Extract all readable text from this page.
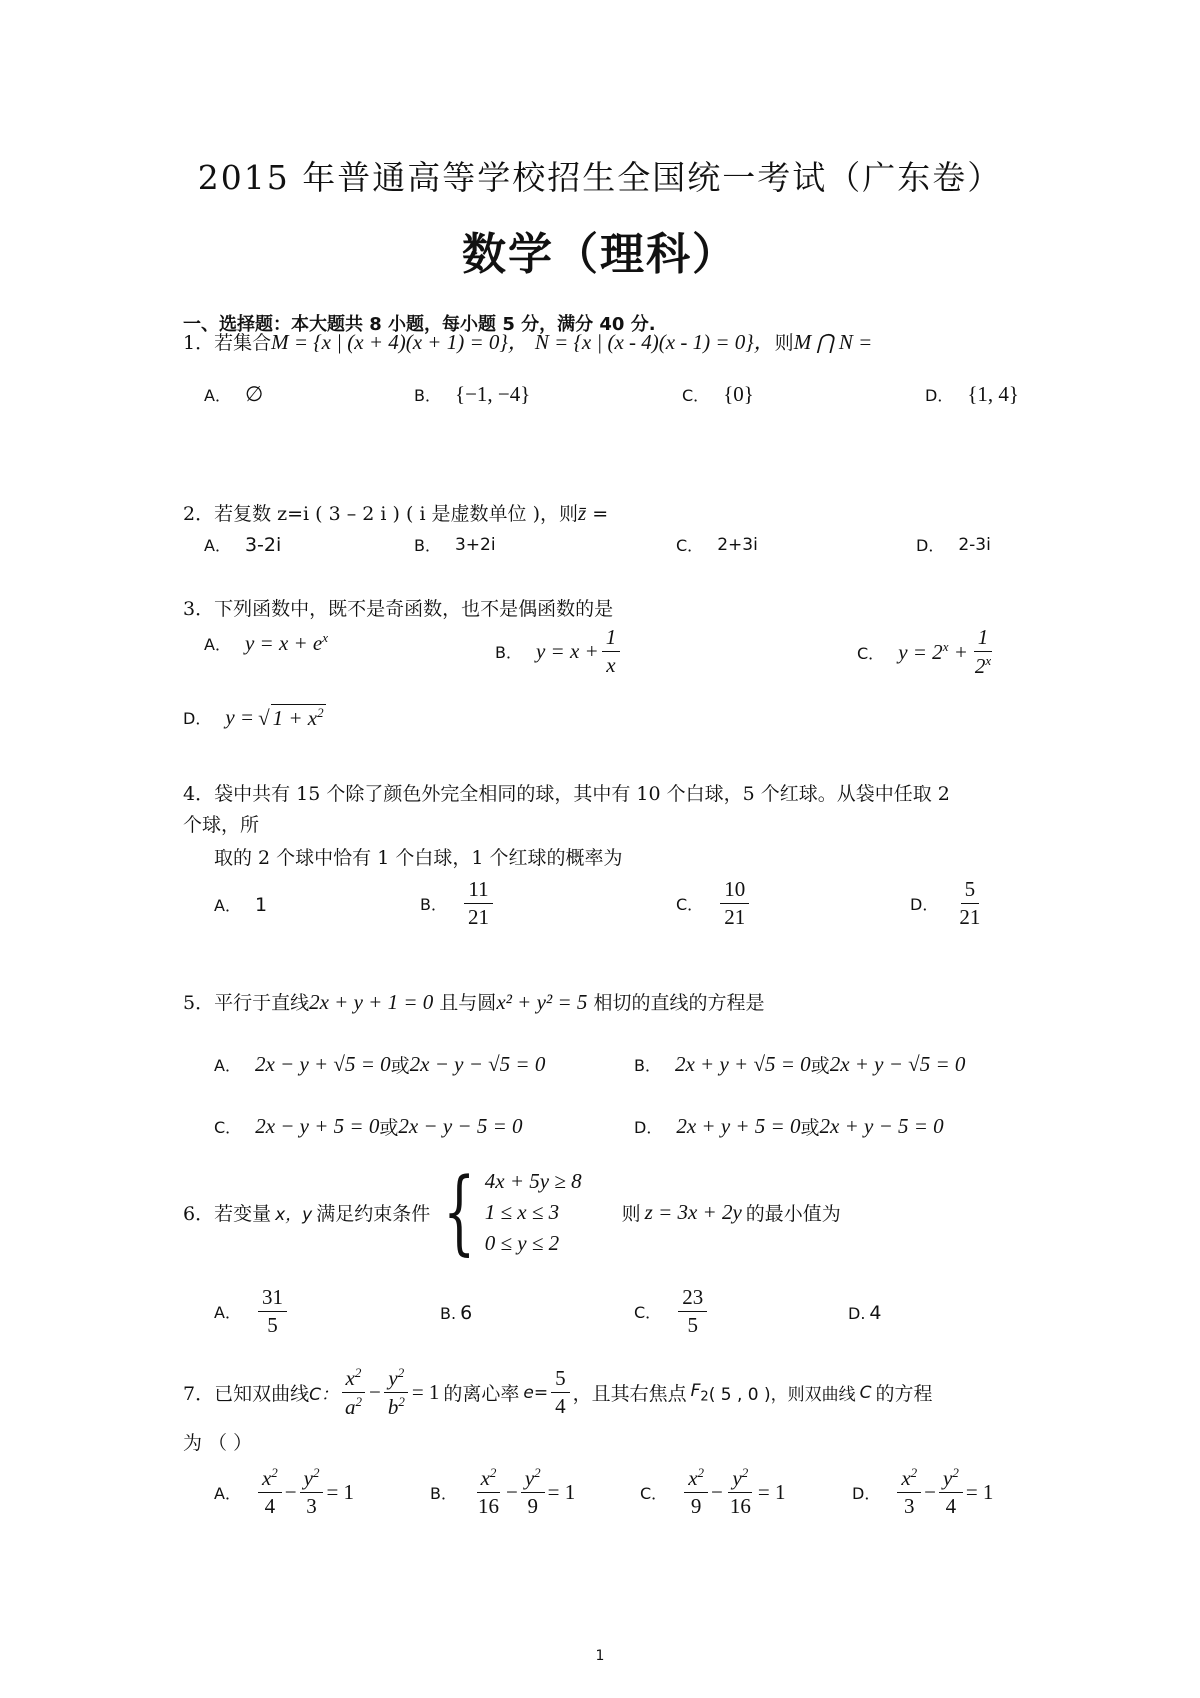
2015 年普通高等学校招生全国统一考试（广东卷）
数学（理科）
一、选择题：本大题共 8 小题，每小题 5 分，满分 40 分.
1．若集合M = {x | (x + 4)(x + 1) = 0}， N = {x | (x - 4)(x - 1) = 0}，则M ⋂ N =
A． ∅	B． {−1, −4}	C． {0}	D． {1, 4}
2．若复数 z=i ( 3 – 2 i ) ( i 是虚数单位 )，则z̄ =
A． 3-2i	B． 3+2i	C． 2+3i	D． 2-3i
3．下列函数中，既不是奇函数，也不是偶函数的是
A． $y = x + e^x$
B． $y = x + \frac{1}{x}$	C． $y = 2^x + \frac{1}{2^x}$
D． y = √ $1 + x^2$
4．袋中共有 15 个除了颜色外完全相同的球，其中有 10 个白球，5 个红球。从袋中任取 2
个球，所
取的 2 个球中恰有 1 个白球，1 个红球的概率为
A． 1	B． $\frac{11}{21}$	C． $\frac{10}{21}$	D． $\frac{5}{21}$
5．平行于直线2x + y + 1 = 0 且与圆x² + y² = 5 相切的直线的方程是
A． 2x − y + √5 = 0 或 2x − y − √5 = 0	B． 2x + y + √5 = 0 或 2x + y − √5 = 0
C． 2x − y + 5 = 0 或 2x − y − 5 = 0	D． 2x + y + 5 = 0 或 2x + y − 5 = 0
6．若变量 x，y 满足约束条件 { 4x + 5y ≥ 8
1 ≤ x ≤ 3
0 ≤ y ≤ 2
则 z = 3x + 2y 的最小值为
A． $\frac{31}{5}$	B. 6	C． $\frac{23}{5}$	D. 4
7．已知双曲线 C： $\frac{x^2}{a^2} - \frac{y^2}{b^2} = 1$ 的离心率 $e= \frac{5}{4}$ ，且其右焦点 $F_2$ ( 5 , 0 )，则双曲线 C 的方程
为 （ ）
A． $\frac{x^2}{4} - \frac{y^2}{3} = 1$	B． $\frac{x^2}{16} - \frac{y^2}{9} = 1$	C． $\frac{x^2}{9} - \frac{y^2}{16} = 1$	D． $\frac{x^2}{3} - \frac{y^2}{4} = 1$
1
